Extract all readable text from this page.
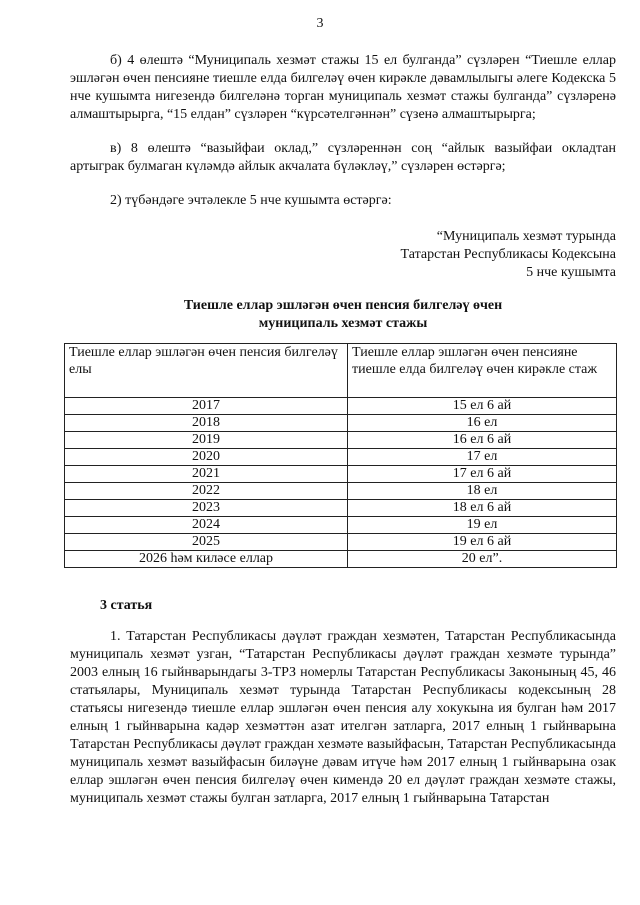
3

б) 4 өлештә “Муниципаль хезмәт стажы 15 ел булганда” сүзләрен “Тиешле еллар эшләгән өчен пенсияне тиешле елда билгеләү өчен кирәкле дәвамлылыгы әлеге Кодекска 5 нче кушымта нигезендә билгеләнә торган муниципаль хезмәт стажы булганда” сүзләренә алмаштырырга, “15 елдан” сүзләрен “күрсәтелгәннән” сүзенә алмаштырырга;

в) 8 өлештә “вазыйфаи оклад,” сүзләреннән соң “айлык вазыйфаи окладтан артыграк булмаган күләмдә айлык акчалата бүләкләү,” сүзләрен өстәргә;

2) түбәндәге эчтәлекле 5 нче кушымта өстәргә:

“Муниципаль хезмәт турында
Татарстан Республикасы Кодексына
5 нче кушымта
Тиешле еллар эшләгән өчен пенсия билгеләү өчен
муниципаль хезмәт стажы
Тиешле еллар эшләгән өчен пенсия билгеләү елы	Тиешле еллар эшләгән өчен пенсияне тиешле елда билгеләү өчен кирәкле стаж
2017	15 ел 6 ай
2018	16 ел
2019	16 ел 6 ай
2020	17 ел
2021	17 ел 6 ай
2022	18 ел
2023	18 ел 6 ай
2024	19 ел
2025	19 ел 6 ай
2026 һәм киләсе еллар	20 ел”.
3 статья

1. Татарстан Республикасы дәүләт граждан хезмәтен, Татарстан Республикасында муниципаль хезмәт узган, “Татарстан Республикасы дәүләт граждан хезмәте турында” 2003 елның 16 гыйнварындагы 3-ТРЗ номерлы Татарстан Республикасы Законының 45, 46 статьялары, Муниципаль хезмәт турында Татарстан Республикасы кодексының 28 статьясы нигезендә тиешле еллар эшләгән өчен пенсия алу хокукына ия булган һәм 2017 елның 1 гыйнварына кадәр хезмәттән азат ителгән затларга, 2017 елның 1 гыйнварына Татарстан Республикасы дәүләт граждан хезмәте вазыйфасын, Татарстан Республикасында муниципаль хезмәт вазыйфасын биләүне дәвам итүче һәм 2017 елның 1 гыйнварына озак еллар эшләгән өчен пенсия билгеләү өчен кимендә 20 ел дәүләт граждан хезмәте стажы, муниципаль хезмәт стажы булган затларга, 2017 елның 1 гыйнварына Татарстан
